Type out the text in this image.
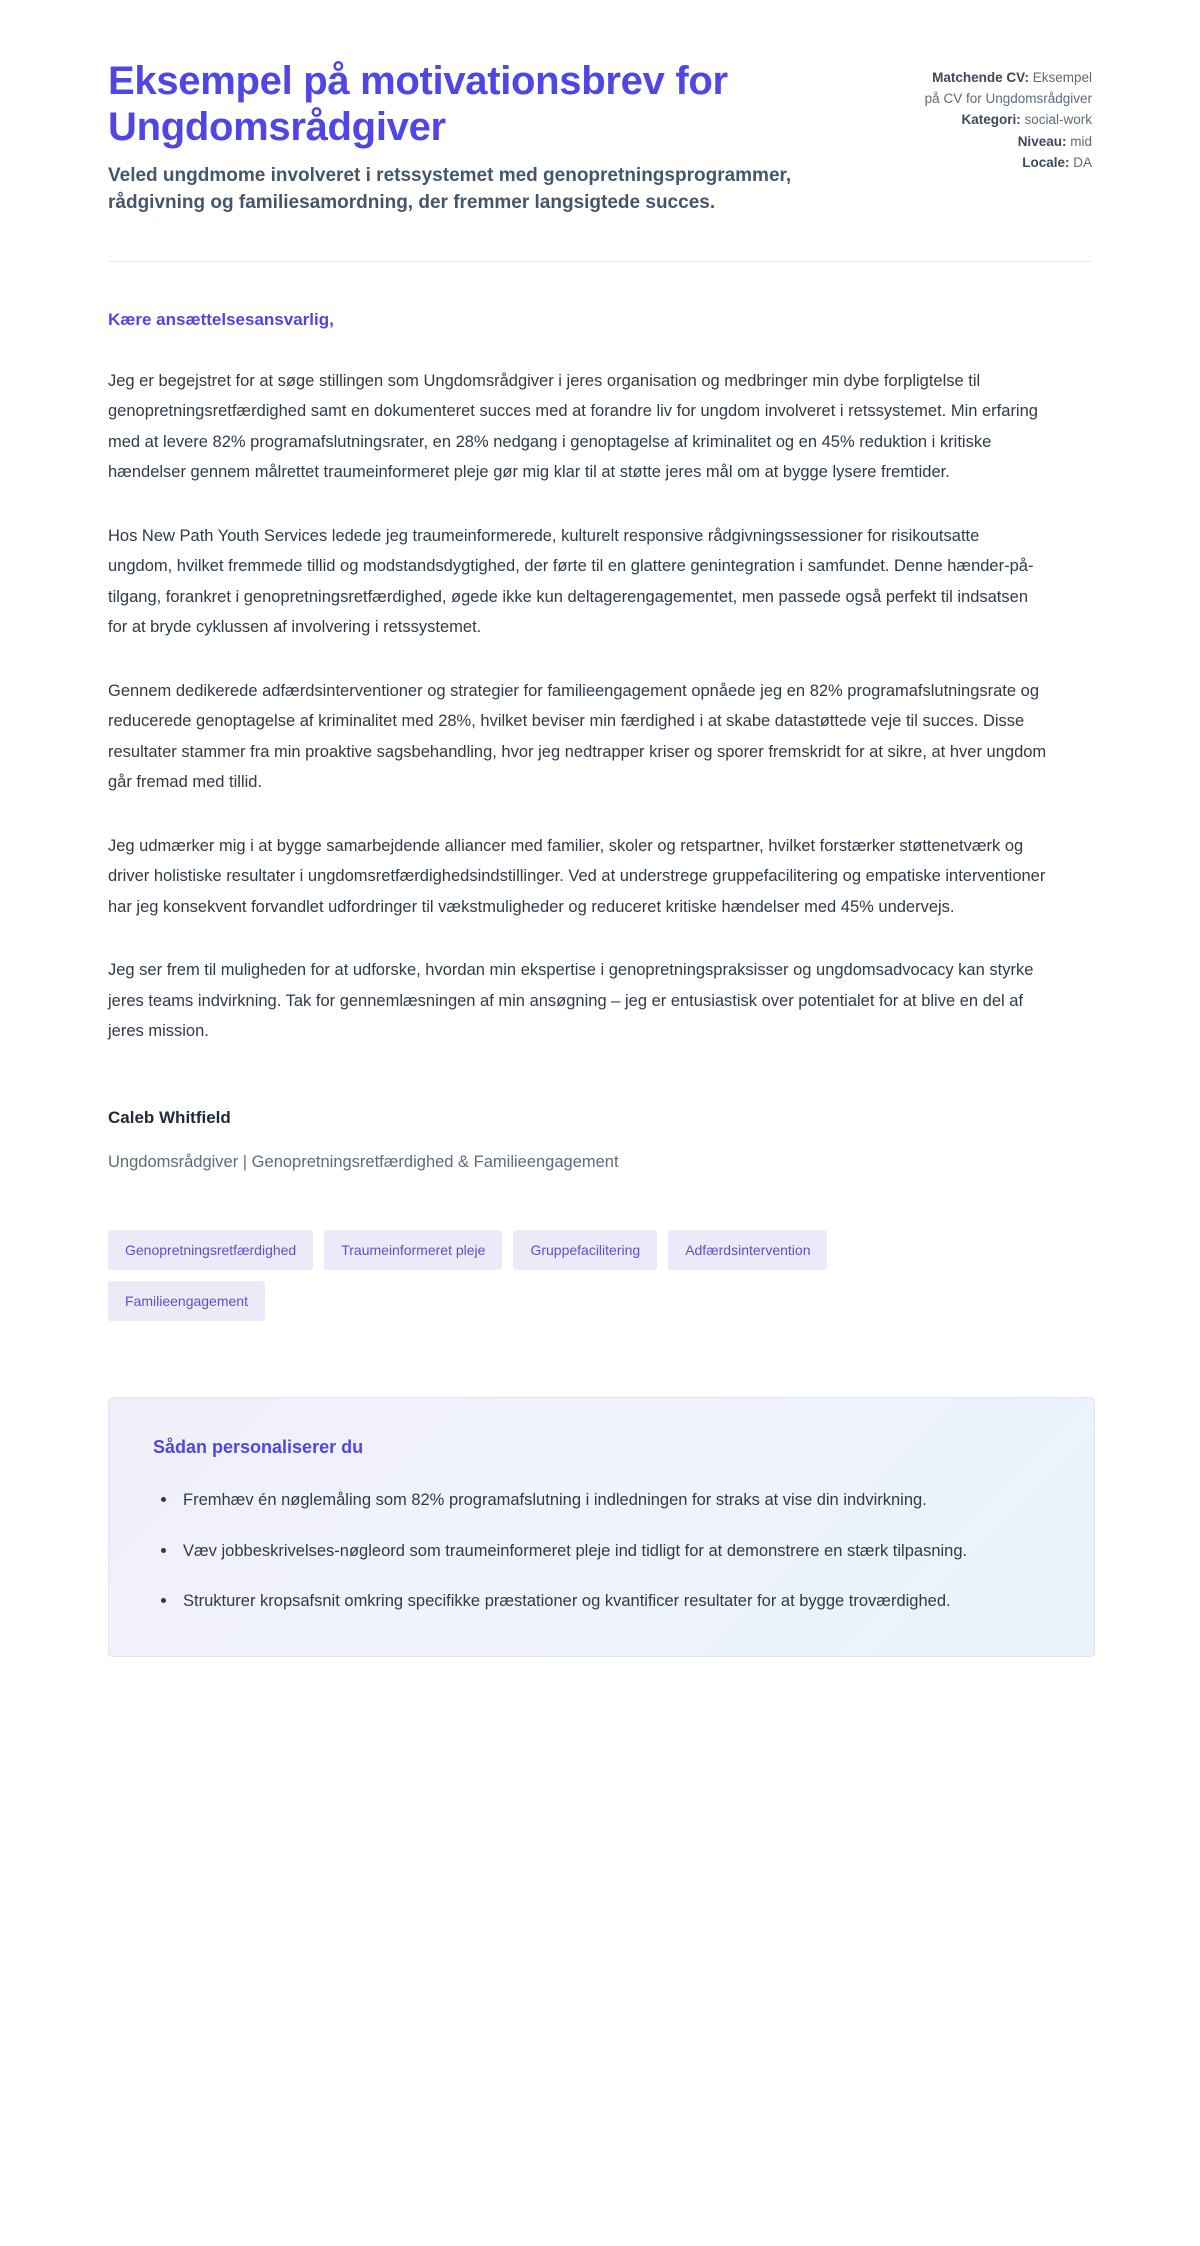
Eksempel på motivationsbrev for Ungdomsrådgiver

Veled ungdmome involveret i retssystemet med genopretningsprogrammer, rådgivning og familiesamordning, der fremmer langsigtede succes.

Matchende CV: Eksempel på CV for Ungdomsrådgiver
Kategori: social-work
Niveau: mid
Locale: DA

Kære ansættelsesansvarlig,

Jeg er begejstret for at søge stillingen som Ungdomsrådgiver i jeres organisation og medbringer min dybe forpligtelse til genopretningsretfærdighed samt en dokumenteret succes med at forandre liv for ungdom involveret i retssystemet. Min erfaring med at levere 82% programafslutningsrater, en 28% nedgang i genoptagelse af kriminalitet og en 45% reduktion i kritiske hændelser gennem målrettet traumeinformeret pleje gør mig klar til at støtte jeres mål om at bygge lysere fremtider.

Hos New Path Youth Services ledede jeg traumeinformerede, kulturelt responsive rådgivningssessioner for risikoutsatte ungdom, hvilket fremmede tillid og modstandsdygtighed, der førte til en glattere genintegration i samfundet. Denne hænder-på-tilgang, forankret i genopretningsretfærdighed, øgede ikke kun deltagerengagementet, men passede også perfekt til indsatsen for at bryde cyklussen af involvering i retssystemet.

Gennem dedikerede adfærdsinterventioner og strategier for familieengagement opnåede jeg en 82% programafslutningsrate og reducerede genoptagelse af kriminalitet med 28%, hvilket beviser min færdighed i at skabe datastøttede veje til succes. Disse resultater stammer fra min proaktive sagsbehandling, hvor jeg nedtrapper kriser og sporer fremskridt for at sikre, at hver ungdom går fremad med tillid.

Jeg udmærker mig i at bygge samarbejdende alliancer med familier, skoler og retspartner, hvilket forstærker støttenetværk og driver holistiske resultater i ungdomsretfærdighedsindstillinger. Ved at understrege gruppefacilitering og empatiske interventioner har jeg konsekvent forvandlet udfordringer til vækstmuligheder og reduceret kritiske hændelser med 45% undervejs.

Jeg ser frem til muligheden for at udforske, hvordan min ekspertise i genopretningspraksisser og ungdomsadvocacy kan styrke jeres teams indvirkning. Tak for gennemlæsningen af min ansøgning – jeg er entusiastisk over potentialet for at blive en del af jeres mission.

Caleb Whitfield

Ungdomsrådgiver | Genopretningsretfærdighed & Familieengagement

Genopretningsretfærdighed	Traumeinformeret pleje	Gruppefacilitering	Adfærdsintervention
Familieengagement
Sådan personaliserer du
Fremhæv én nøglemåling som 82% programafslutning i indledningen for straks at vise din indvirkning.
Væv jobbeskrivelses-nøgleord som traumeinformeret pleje ind tidligt for at demonstrere en stærk tilpasning.
Strukturer kropsafsnit omkring specifikke præstationer og kvantificer resultater for at bygge troværdighed.
